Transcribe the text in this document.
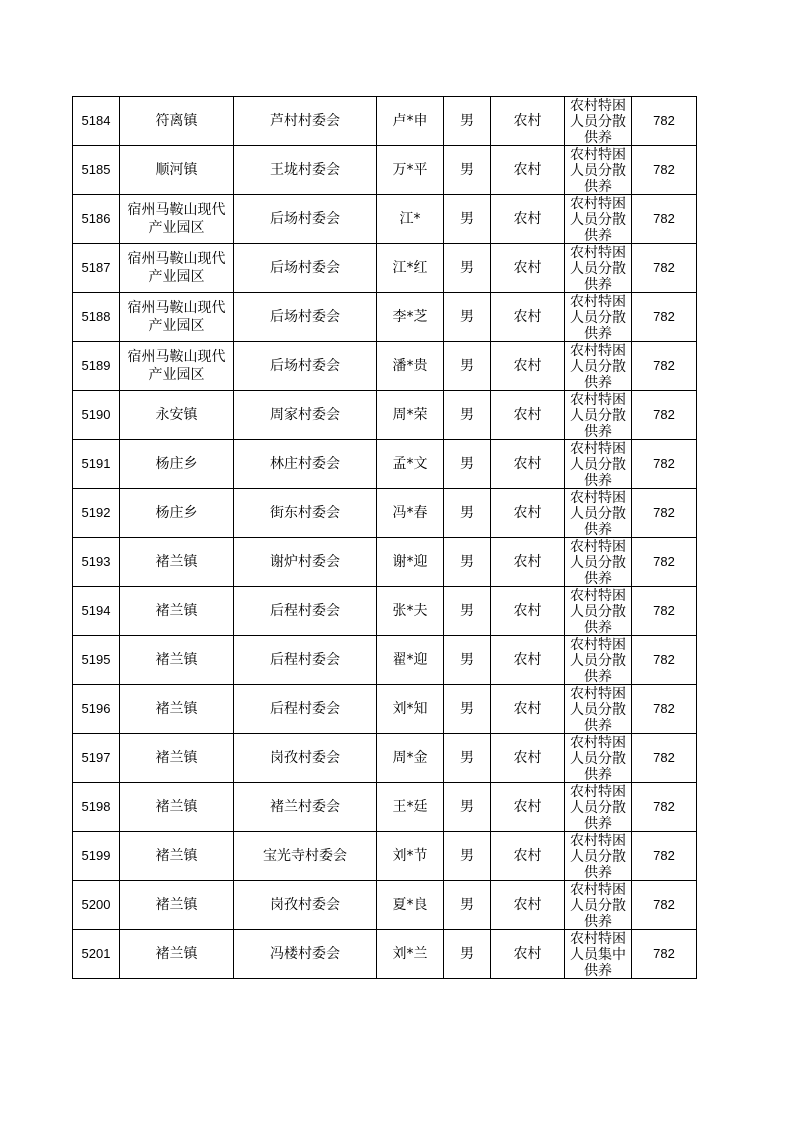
5184	符离镇	芦村村委会	卢*申	男	农村	农村特困人员分散供养	782
5185	顺河镇	王垅村委会	万*平	男	农村	农村特困人员分散供养	782
5186	宿州马鞍山现代产业园区	后场村委会	江*	男	农村	农村特困人员分散供养	782
5187	宿州马鞍山现代产业园区	后场村委会	江*红	男	农村	农村特困人员分散供养	782
5188	宿州马鞍山现代产业园区	后场村委会	李*芝	男	农村	农村特困人员分散供养	782
5189	宿州马鞍山现代产业园区	后场村委会	潘*贵	男	农村	农村特困人员分散供养	782
5190	永安镇	周家村委会	周*荣	男	农村	农村特困人员分散供养	782
5191	杨庄乡	林庄村委会	孟*文	男	农村	农村特困人员分散供养	782
5192	杨庄乡	街东村委会	冯*春	男	农村	农村特困人员分散供养	782
5193	褚兰镇	谢炉村委会	谢*迎	男	农村	农村特困人员分散供养	782
5194	褚兰镇	后程村委会	张*夫	男	农村	农村特困人员分散供养	782
5195	褚兰镇	后程村委会	翟*迎	男	农村	农村特困人员分散供养	782
5196	褚兰镇	后程村委会	刘*知	男	农村	农村特困人员分散供养	782
5197	褚兰镇	岗孜村委会	周*金	男	农村	农村特困人员分散供养	782
5198	褚兰镇	褚兰村委会	王*廷	男	农村	农村特困人员分散供养	782
5199	褚兰镇	宝光寺村委会	刘*节	男	农村	农村特困人员分散供养	782
5200	褚兰镇	岗孜村委会	夏*良	男	农村	农村特困人员分散供养	782
5201	褚兰镇	冯楼村委会	刘*兰	男	农村	农村特困人员集中供养	782
